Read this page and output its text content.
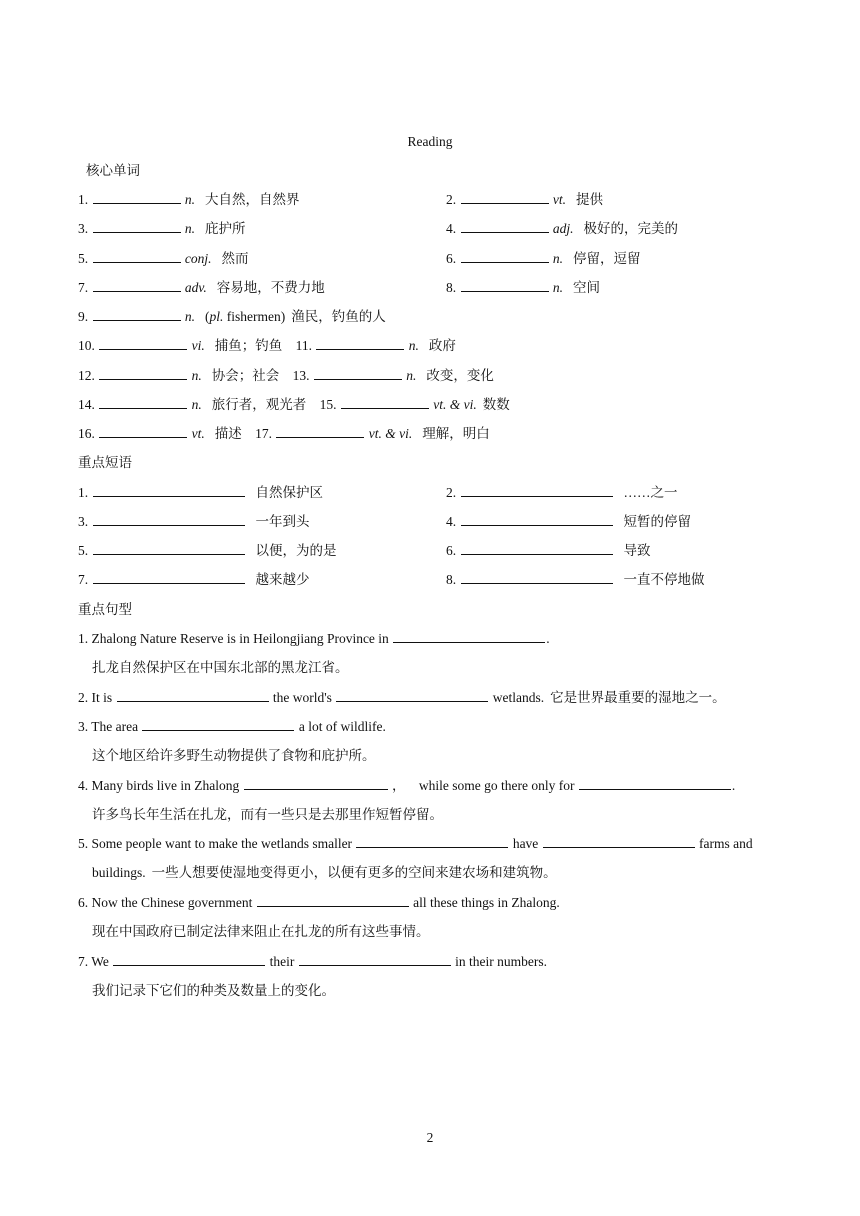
Reading
核心单词
1.	n. 大自然，自然界	2.	vt. 提供
3.	n. 庇护所	4.	adj. 极好的，完美的
5.	conj. 然而	6.	n. 停留，逗留
7.	adv. 容易地，不费力地	8.	n. 空间
9.	n. (pl. fishermen) 渔民，钓鱼的人
10.	vi. 捕鱼；钓鱼 11.	n. 政府
12.	n. 协会；社会 13.	n. 改变，变化
14.	n. 旅行者，观光者 15.	vt. & vi. 数数
16.	vt. 描述 17.	vt. & vi. 理解，明白
重点短语
1.	自然保护区	2.	……之一
3.	一年到头	4.	短暂的停留
5.	以便，为的是	6.	导致
7.	越来越少	8.	一直不停地做
重点句型
1. Zhalong Nature Reserve is in Heilongjiang Province in	.
扎龙自然保护区在中国东北部的黑龙江省。
2. It is	the world's	wetlands. 它是世界最重要的湿地之一。
3. The area	a lot of wildlife.
这个地区给许多野生动物提供了食物和庇护所。
4. Many birds live in Zhalong	， while some go there only for	.
许多鸟长年生活在扎龙，而有一些只是去那里作短暂停留。
5. Some people want to make the wetlands smaller	have	farms and
buildings. 一些人想要使湿地变得更小，以便有更多的空间来建农场和建筑物。
6. Now the Chinese government	all these things in Zhalong.
现在中国政府已制定法律来阻止在扎龙的所有这些事情。
7. We	their	in their numbers.
我们记录下它们的种类及数量上的变化。
2
